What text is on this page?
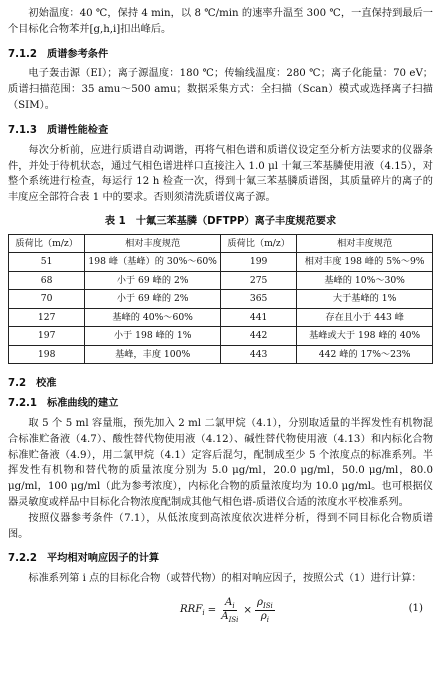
初始温度：40 ℃，保持 4 min，以 8 ℃/min 的速率升温至 300 ℃，一直保持到最后一个目标化合物苯并[g,h,i]扣出峰后。

7.1.2 质谱参考条件

电子轰击源（EI）；离子源温度：180 ℃；传输线温度：280 ℃；离子化能量：70 eV；质谱扫描范围：35 amu～500 amu；数据采集方式：全扫描（Scan）模式或选择离子扫描（SIM）。

7.1.3 质谱性能检查

每次分析前，应进行质谱自动调谐，再将气相色谱和质谱仪设定至分析方法要求的仪器条件，并处于待机状态，通过气相色谱进样口直接注入 1.0 μl 十氟三苯基膦使用液（4.15），对整个系统进行检查，每运行 12 h 检查一次，得到十氟三苯基膦质谱图，其质量碎片的离子的丰度应全部符合表 1 中的要求。否则须清洗质谱仪离子源。

表 1　十氟三苯基膦（DFTPP）离子丰度规范要求
质荷比（m/z）	相对丰度规范	质荷比（m/z）	相对丰度规范
51	198 峰（基峰）的 30%～60%	199	相对丰度 198 峰的 5%～9%
68	小于 69 峰的 2%	275	基峰的 10%～30%
70	小于 69 峰的 2%	365	大于基峰的 1%
127	基峰的 40%～60%	441	存在且小于 443 峰
197	小于 198 峰的 1%	442	基峰或大于 198 峰的 40%
198	基峰，丰度 100%	443	442 峰的 17%～23%
7.2 校准
7.2.1 标准曲线的建立

取 5 个 5 ml 容量瓶，预先加入 2 ml 二氯甲烷（4.1），分别取适量的半挥发性有机物混合标准贮备液（4.7）、酸性替代物使用液（4.12）、碱性替代物使用液（4.13）和内标化合物标准贮备液（4.9），用二氯甲烷（4.1）定容后混匀，配制成至少 5 个浓度点的标准系列。半挥发性有机物和替代物的质量浓度分别为 5.0 μg/ml，20.0 μg/ml，50.0 μg/ml，80.0 μg/ml，100 μg/ml（此为参考浓度），内标化合物的质量浓度均为 10.0 μg/ml。也可根据仪器灵敏度或样品中目标化合物浓度配制成其他气相色谱-质谱仪合适的浓度水平校准系列。

按照仪器参考条件（7.1），从低浓度到高浓度依次进样分析，得到不同目标化合物质谱图。

7.2.2 平均相对响应因子的计算

标准系列第 i 点的目标化合物（或替代物）的相对响应因子，按照公式（1）进行计算：

$RRF_i = \frac{A_i}{A_{ISi}} \times \frac{\rho_{ISi}}{\rho_i}$	(1)
